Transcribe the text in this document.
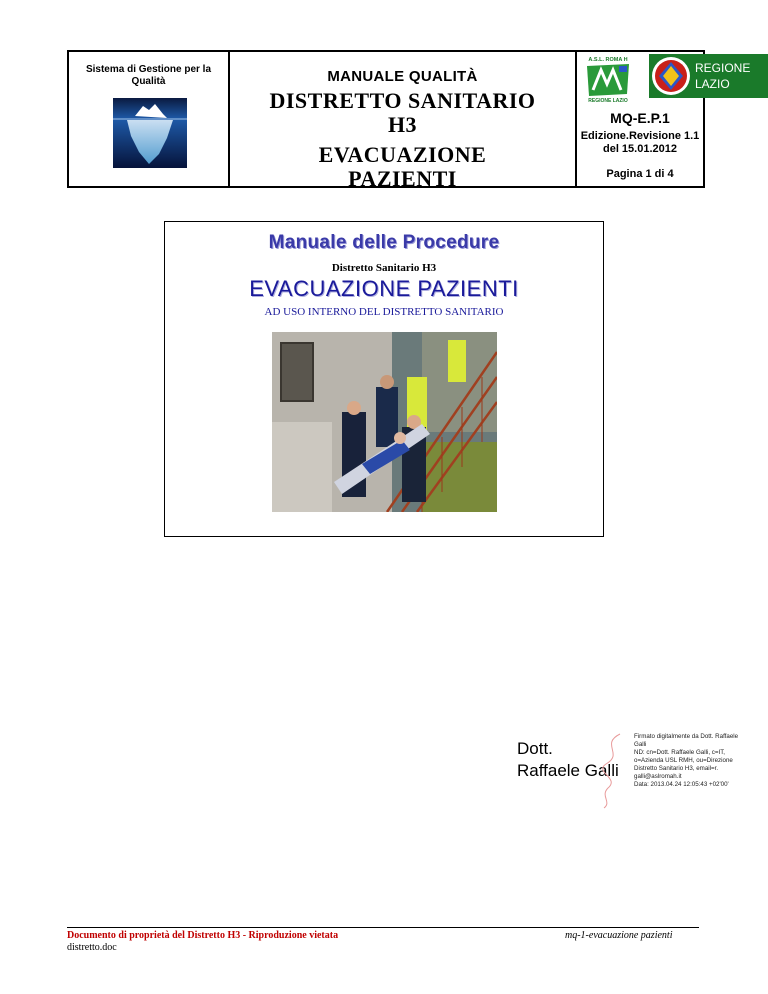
Sistema di Gestione per la Qualità	MANUALE QUALITÀ
DISTRETTO SANITARIO
H3
EVACUAZIONE
PAZIENTI
A.S.L. ROMA H
REGIONE LAZIO
REGIONE
LAZIO
MQ-E.P.1
Edizione.Revisione 1.1
del 15.01.2012
Pagina 1 di 4
Manuale delle Procedure
Distretto Sanitario H3
EVACUAZIONE PAZIENTI
AD USO INTERNO DEL DISTRETTO SANITARIO
Dott.
Raffaele Galli
Firmato digitalmente da Dott. Raffaele
Galli
ND: cn=Dott. Raffaele Galli, c=IT,
o=Azienda USL RMH, ou=Direzione
Distretto Sanitario H3, email=r.
galli@aslromah.it
Data: 2013.04.24 12:05:43 +02'00'
Documento di proprietà del Distretto H3 - Riproduzione vietata
distretto.doc
mq-1-evacuazione pazienti
